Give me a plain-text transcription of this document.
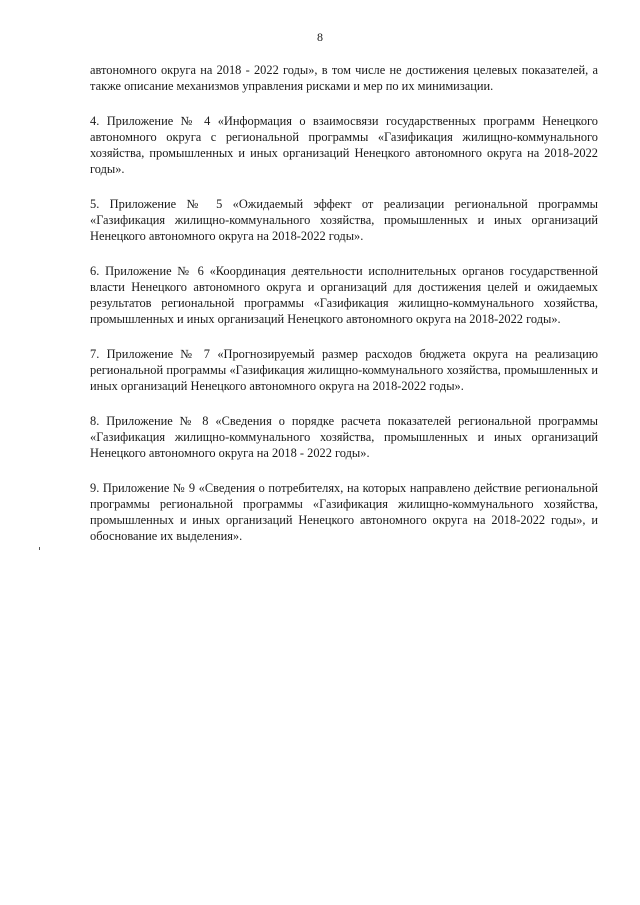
8

автономного округа на 2018 - 2022 годы», в том числе не достижения целевых показателей, а также описание механизмов управления рисками и мер по их минимизации.

4. Приложение № 4 «Информация о взаимосвязи государственных программ Ненецкого автономного округа с региональной программы «Газификация жилищно-коммунального хозяйства, промышленных и иных организаций Ненецкого автономного округа на 2018-2022 годы».

5. Приложение № 5 «Ожидаемый эффект от реализации региональной программы «Газификация жилищно-коммунального хозяйства, промышленных и иных организаций Ненецкого автономного округа на 2018-2022 годы».

6. Приложение № 6 «Координация деятельности исполнительных органов государственной власти Ненецкого автономного округа и организаций для достижения целей и ожидаемых результатов региональной программы «Газификация жилищно-коммунального хозяйства, промышленных и иных организаций Ненецкого автономного округа на 2018-2022 годы».

7. Приложение № 7 «Прогнозируемый размер расходов бюджета округа на реализацию региональной программы «Газификация жилищно-коммунального хозяйства, промышленных и иных организаций Ненецкого автономного округа на 2018-2022 годы».

8. Приложение № 8 «Сведения о порядке расчета показателей региональной программы «Газификация жилищно-коммунального хозяйства, промышленных и иных организаций Ненецкого автономного округа на 2018 - 2022 годы».

9. Приложение № 9 «Сведения о потребителях, на которых направлено действие региональной программы региональной программы «Газификация жилищно-коммунального хозяйства, промышленных и иных организаций Ненецкого автономного округа на 2018-2022 годы», и обоснование их выделения».
